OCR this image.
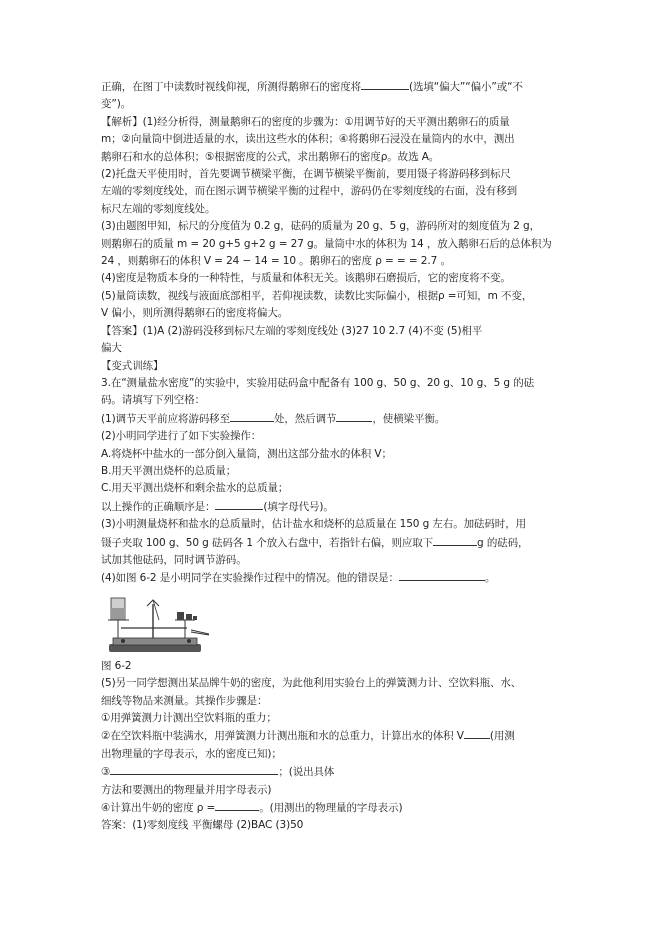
正确，在图丁中读数时视线仰视，所测得鹅卵石的密度将	(选填“偏大”“偏小”或“不
变”)。
【解析】(1)经分析得，测量鹅卵石的密度的步骤为：①用调节好的天平测出鹅卵石的质量
m；②向量筒中倒进适量的水，读出这些水的体积；④将鹅卵石浸没在量筒内的水中，测出
鹅卵石和水的总体积；⑤根据密度的公式，求出鹅卵石的密度ρ。故选 A。
(2)托盘天平使用时，首先要调节横梁平衡，在调节横梁平衡前，要用镊子将游码移到标尺
左端的零刻度线处，而在图示调节横梁平衡的过程中，游码仍在零刻度线的右面，没有移到
标尺左端的零刻度线处。
(3)由题图甲知，标尺的分度值为 0.2 g，砝码的质量为 20 g、5 g，游码所对的刻度值为 2 g，
则鹅卵石的质量 m = 20 g+5 g+2 g = 27 g。量筒中水的体积为 14 ，放入鹅卵石后的总体积为
24 ，则鹅卵石的体积 V = 24 − 14 = 10 。鹅卵石的密度 ρ = = = 2.7 。
(4)密度是物质本身的一种特性，与质量和体积无关。该鹅卵石磨损后，它的密度将不变。
(5)量筒读数，视线与液面底部相平，若仰视读数，读数比实际偏小，根据ρ =可知，m 不变，
V 偏小，则所测得鹅卵石的密度将偏大。
【答案】(1)A (2)游码没移到标尺左端的零刻度线处 (3)27 10 2.7 (4)不变 (5)相平
偏大
【变式训练】
3.在“测量盐水密度”的实验中，实验用砝码盒中配备有 100 g、50 g、20 g、10 g、5 g 的砝
码。请填写下列空格：
(1)调节天平前应将游码移至	处，然后调节	，使横梁平衡。
(2)小明同学进行了如下实验操作：
A.将烧杯中盐水的一部分倒入量筒，测出这部分盐水的体积 V；
B.用天平测出烧杯的总质量；
C.用天平测出烧杯和剩余盐水的总质量；
以上操作的正确顺序是：	(填字母代号)。
(3)小明测量烧杯和盐水的总质量时，估计盐水和烧杯的总质量在 150 g 左右。加砝码时，用
镊子夹取 100 g、50 g 砝码各 1 个放入右盘中，若指针右偏，则应取下	g 的砝码，
试加其他砝码，同时调节游码。
(4)如图 6-2 是小明同学在实验操作过程中的情况。他的错误是：	。
图 6-2
(5)另一同学想测出某品牌牛奶的密度，为此他利用实验台上的弹簧测力计、空饮料瓶、水、
细线等物品来测量。其操作步骤是：
①用弹簧测力计测出空饮料瓶的重力；
②在空饮料瓶中装满水，用弹簧测力计测出瓶和水的总重力，计算出水的体积 V (用测
出物理量的字母表示，水的密度已知)；
③	；(说出具体
方法和要测出的物理量并用字母表示)
④计算出牛奶的密度 ρ =	。(用测出的物理量的字母表示)
答案：(1)零刻度线 平衡螺母 (2)BAC (3)50
